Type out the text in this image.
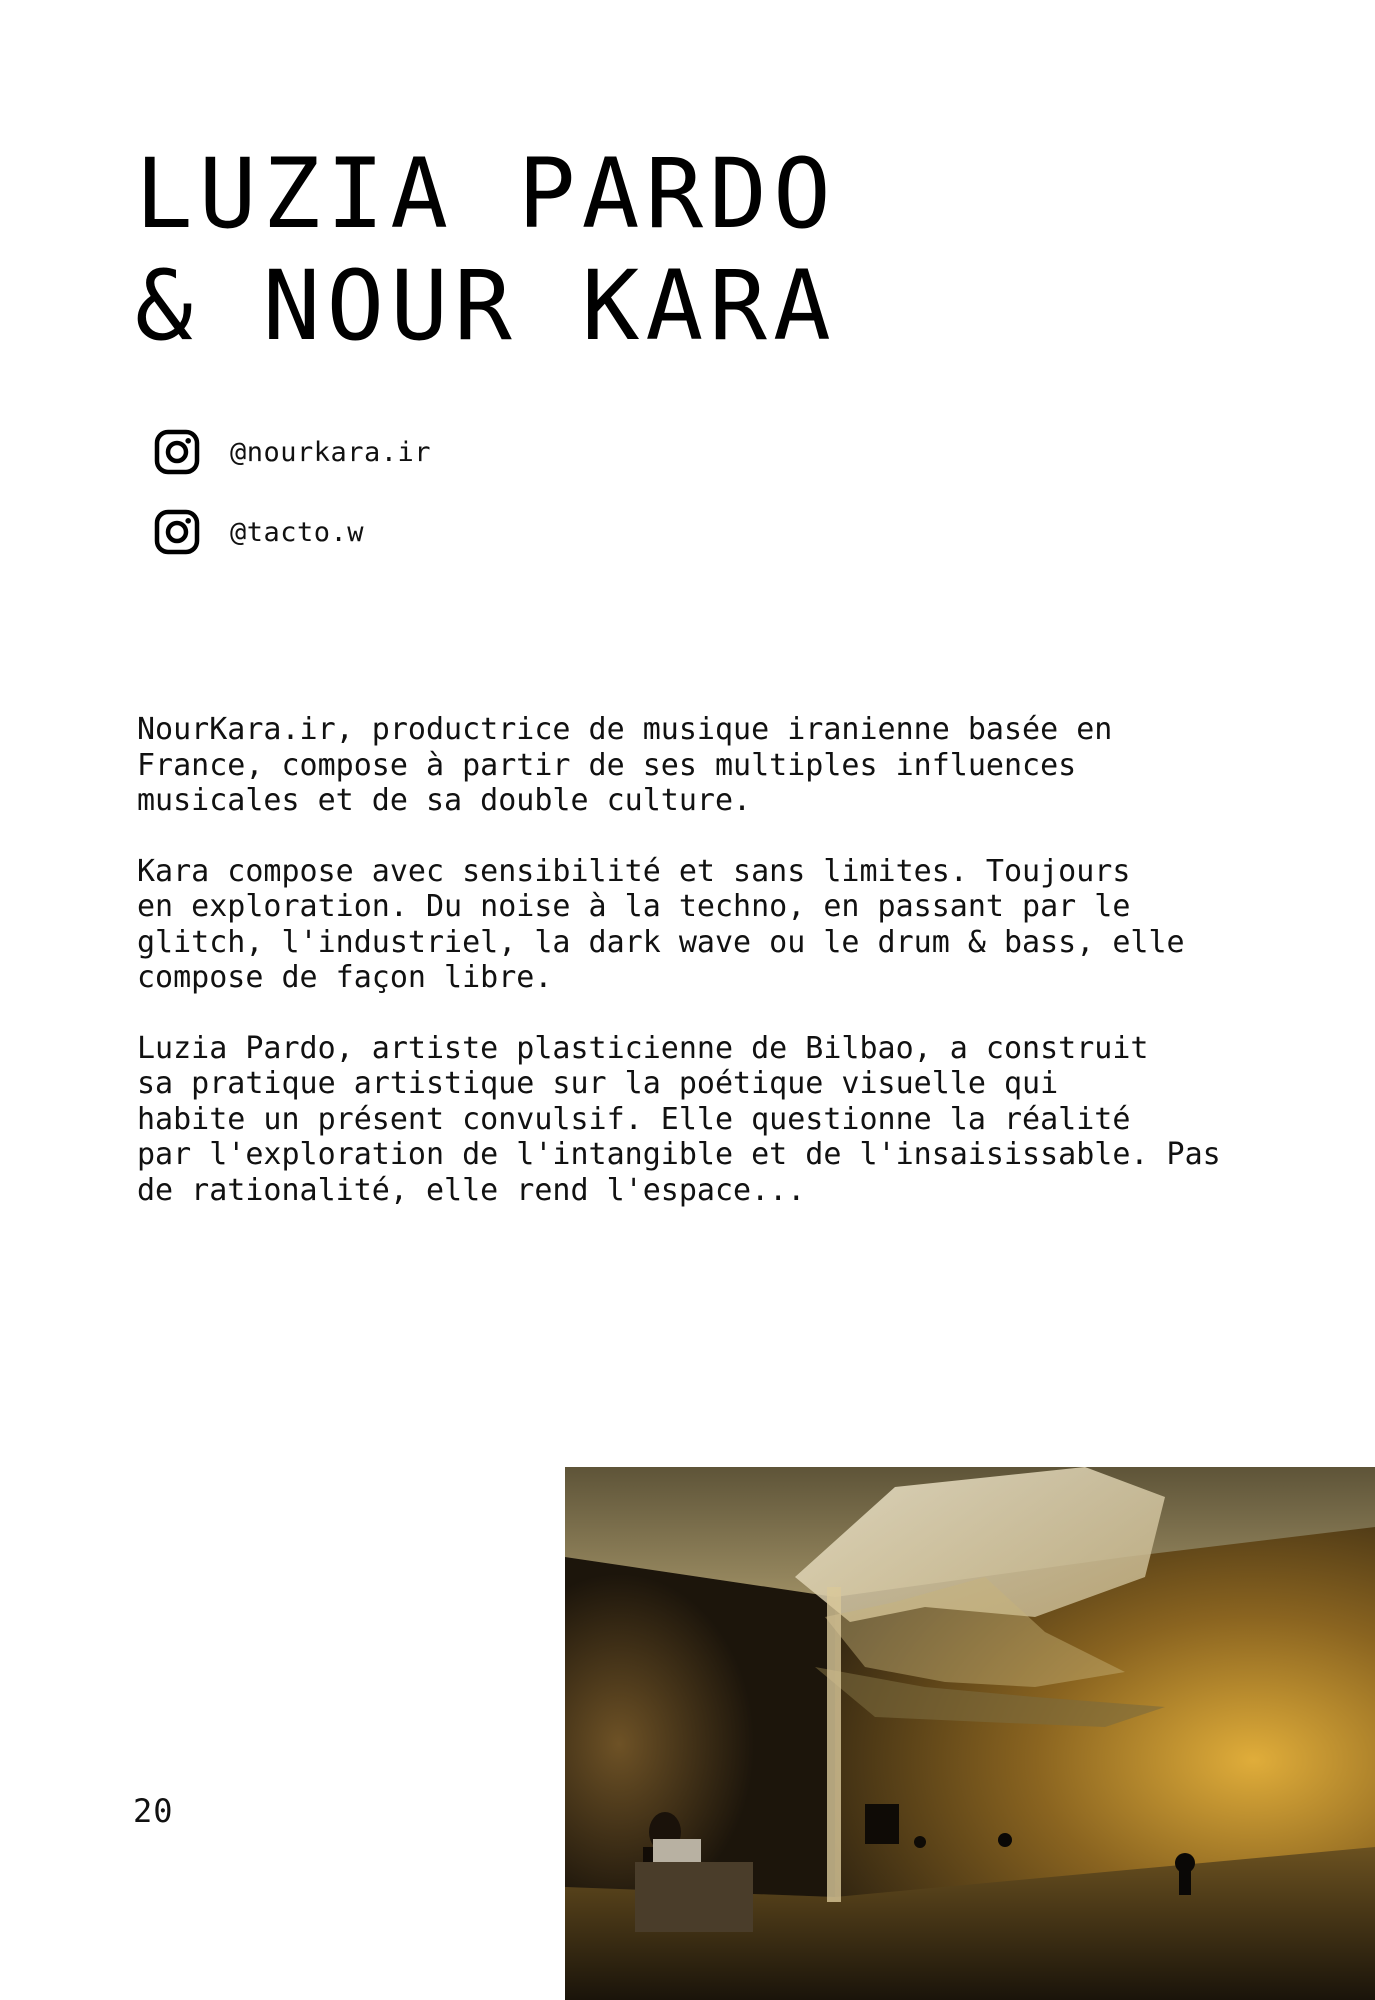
LUZIA PARDO
& NOUR KARA
@nourkara.ir
@tacto.w

NourKara.ir, productrice de musique iranienne basée en
France, compose à partir de ses multiples influences
musicales et de sa double culture.

Kara compose avec sensibilité et sans limites. Toujours
en exploration. Du noise à la techno, en passant par le
glitch, l'industriel, la dark wave ou le drum & bass, elle
compose de façon libre.

Luzia Pardo, artiste plasticienne de Bilbao, a construit
sa pratique artistique sur la poétique visuelle qui
habite un présent convulsif. Elle questionne la réalité
par l'exploration de l'intangible et de l'insaisissable. Pas
de rationalité, elle rend l'espace...

20
